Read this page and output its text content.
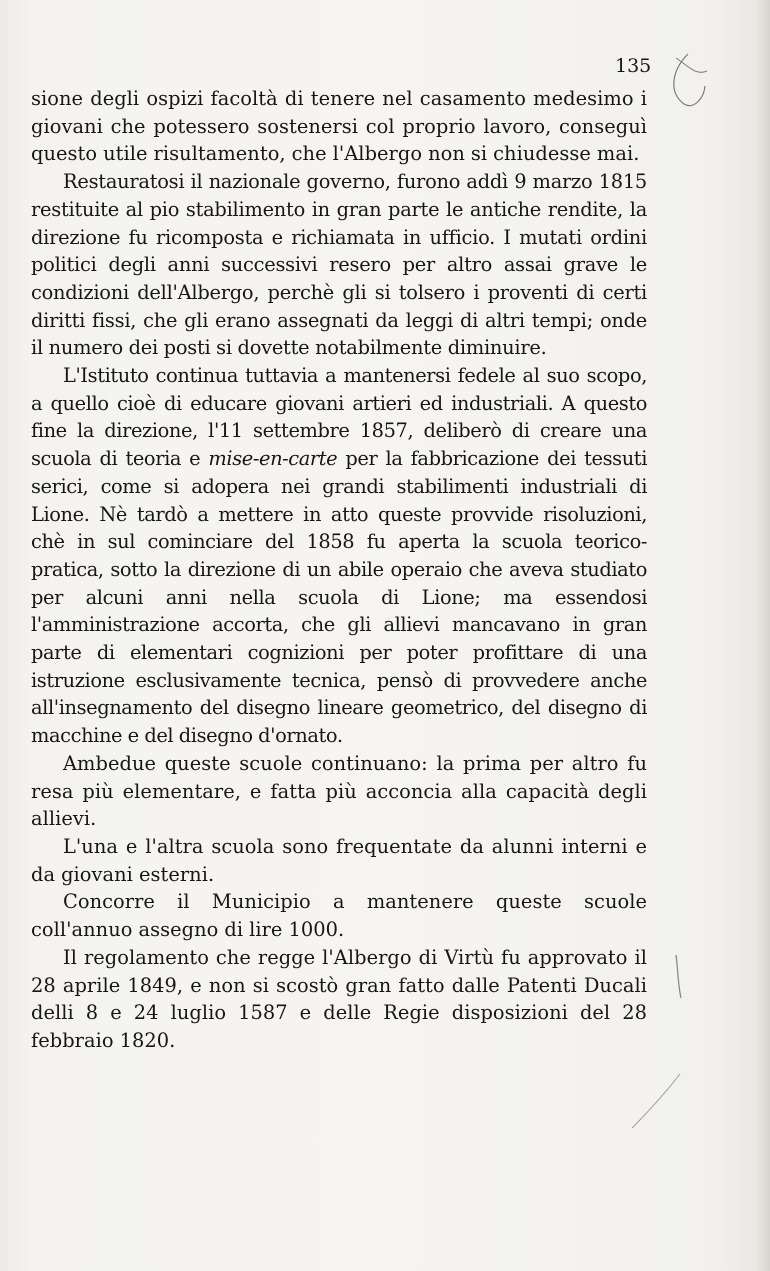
135

sione degli ospizi facoltà di tenere nel casamento medesimo i giovani che potessero sostenersi col proprio lavoro, conseguì questo utile risultamento, che l'Albergo non si chiudesse mai.

Restauratosi il nazionale governo, furono addì 9 marzo 1815 restituite al pio stabilimento in gran parte le antiche rendite, la direzione fu ricomposta e richiamata in ufficio. I mutati ordini politici degli anni successivi resero per altro assai grave le condizioni dell'Albergo, perchè gli si tolsero i proventi di certi diritti fissi, che gli erano assegnati da leggi di altri tempi; onde il numero dei posti si dovette notabilmente diminuire.

L'Istituto continua tuttavia a mantenersi fedele al suo scopo, a quello cioè di educare giovani artieri ed industriali. A questo fine la direzione, l'11 settembre 1857, deliberò di creare una scuola di teoria e mise-en-carte per la fabbricazione dei tessuti serici, come si adopera nei grandi stabilimenti industriali di Lione. Nè tardò a mettere in atto queste provvide risoluzioni, chè in sul cominciare del 1858 fu aperta la scuola teorico-pratica, sotto la direzione di un abile operaio che aveva studiato per alcuni anni nella scuola di Lione; ma essendosi l'amministrazione accorta, che gli allievi mancavano in gran parte di elementari cognizioni per poter profittare di una istruzione esclusivamente tecnica, pensò di provvedere anche all'insegnamento del disegno lineare geometrico, del disegno di macchine e del disegno d'ornato.

Ambedue queste scuole continuano: la prima per altro fu resa più elementare, e fatta più acconcia alla capacità degli allievi.

L'una e l'altra scuola sono frequentate da alunni interni e da giovani esterni.

Concorre il Municipio a mantenere queste scuole coll'annuo assegno di lire 1000.

Il regolamento che regge l'Albergo di Virtù fu approvato il 28 aprile 1849, e non si scostò gran fatto dalle Patenti Ducali delli 8 e 24 luglio 1587 e delle Regie disposizioni del 28 febbraio 1820.
